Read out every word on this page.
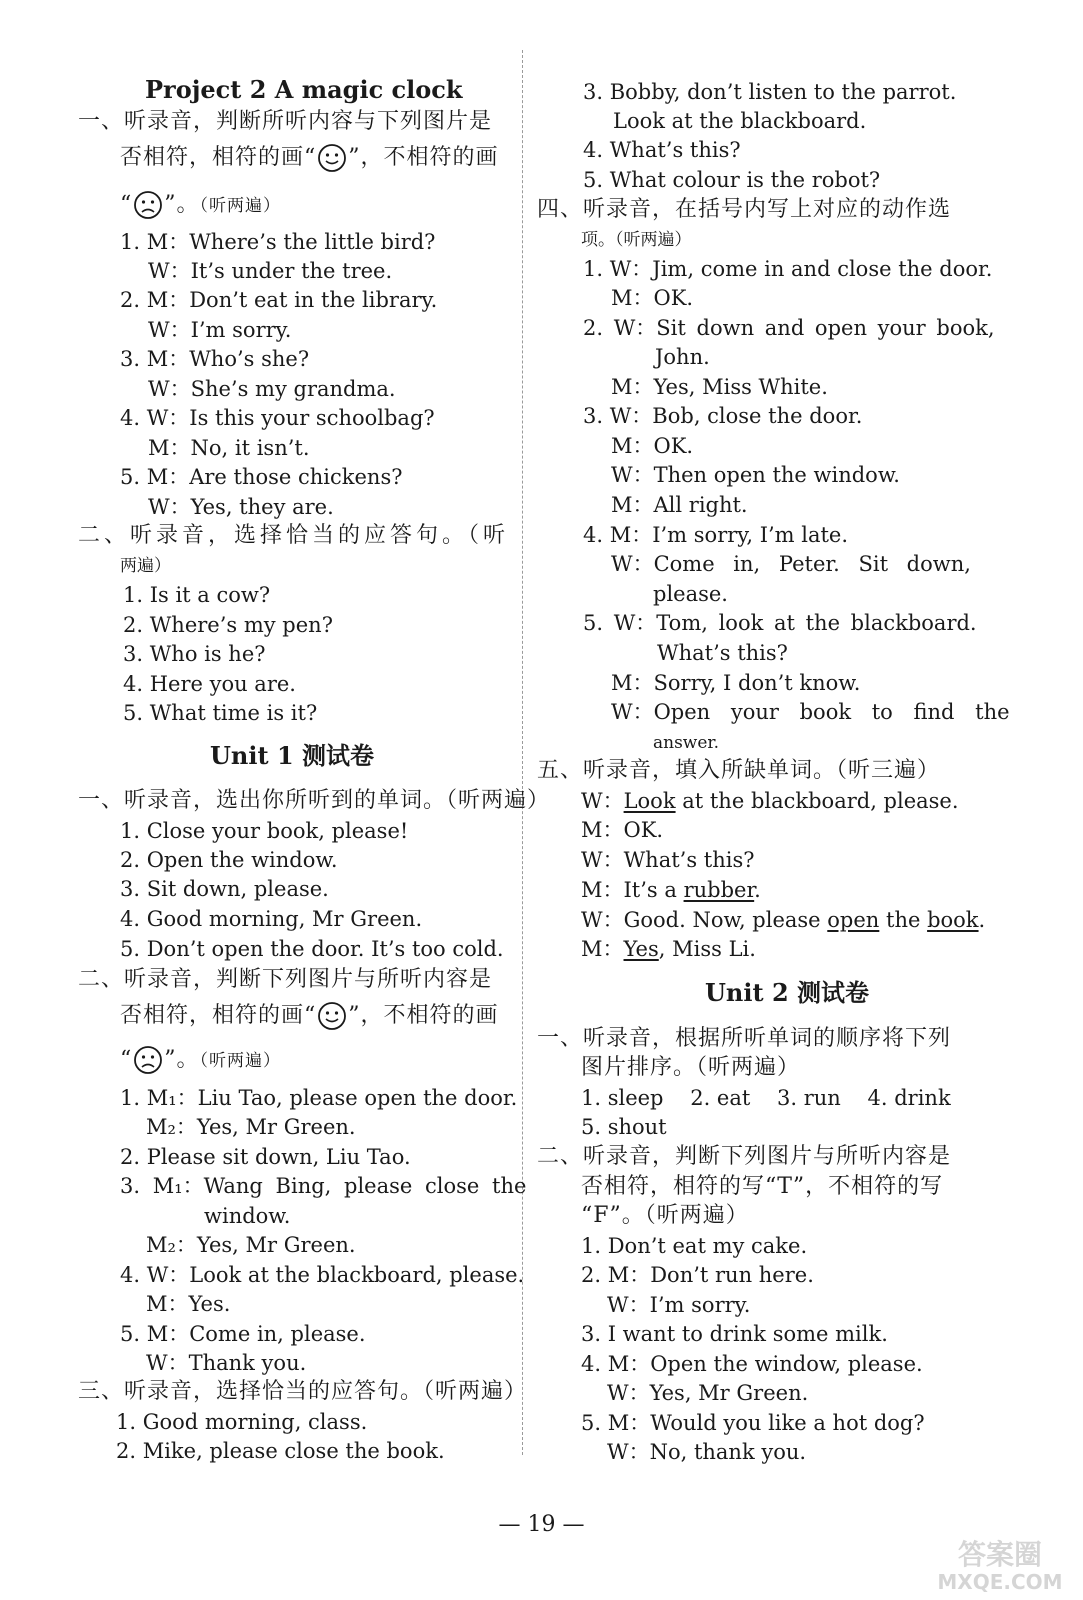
Project 2 A magic clock
一、听录音，判断所听内容与下列图片是
否相符，相符的画“ ”，不相符的画
“ ”。（听两遍）
1. M：Where’s the little bird?
W：It’s under the tree.
2. M：Don’t eat in the library.
W：I’m sorry.
3. M：Who’s she?
W：She’s my grandma.
4. W：Is this your schoolbag?
M：No, it isn’t.
5. M：Are those chickens?
W：Yes, they are.
二、听录音，选择恰当的应答句。（听
两遍）
1. Is it a cow?
2. Where’s my pen?
3. Who is he?
4. Here you are.
5. What time is it?
Unit 1 测试卷
一、听录音，选出你所听到的单词。（听两遍）
1. Close your book, please!
2. Open the window.
3. Sit down, please.
4. Good morning, Mr Green.
5. Don’t open the door. It’s too cold.
二、听录音，判断下列图片与所听内容是
否相符，相符的画“ ”，不相符的画
“ ”。（听两遍）
1. M₁：Liu Tao, please open the door.
M₂：Yes, Mr Green.
2. Please sit down, Liu Tao.
3. M₁：Wang Bing, please close the
window.
M₂：Yes, Mr Green.
4. W：Look at the blackboard, please.
M：Yes.
5. M：Come in, please.
W：Thank you.
三、听录音，选择恰当的应答句。（听两遍）
1. Good morning, class.
2. Mike, please close the book.
3. Bobby, don’t listen to the parrot.
Look at the blackboard.
4. What’s this?
5. What colour is the robot?
四、听录音，在括号内写上对应的动作选
项。（听两遍）
1. W：Jim, come in and close the door.
M：OK.
2. W：Sit down and open your book,
John.
M：Yes, Miss White.
3. W：Bob, close the door.
M：OK.
W：Then open the window.
M：All right.
4. M：I’m sorry, I’m late.
W：Come in, Peter. Sit down,
please.
5. W：Tom, look at the blackboard.
What’s this?
M：Sorry, I don’t know.
W：Open your book to find the
answer.
五、听录音，填入所缺单词。（听三遍）
W：Look at the blackboard, please.
M：OK.
W：What’s this?
M：It’s a rubber.
W：Good. Now, please open the book.
M：Yes, Miss Li.
Unit 2 测试卷
一、听录音，根据所听单词的顺序将下列
图片排序。（听两遍）
1. sleep    2. eat    3. run    4. drink
5. shout
二、听录音，判断下列图片与所听内容是
否相符，相符的写“T”，不相符的写
“F”。（听两遍）
1. Don’t eat my cake.
2. M：Don’t run here.
W：I’m sorry.
3. I want to drink some milk.
4. M：Open the window, please.
W：Yes, Mr Green.
5. M：Would you like a hot dog?
W：No, thank you.
— 19 —
答案圈
MXQE.COM
